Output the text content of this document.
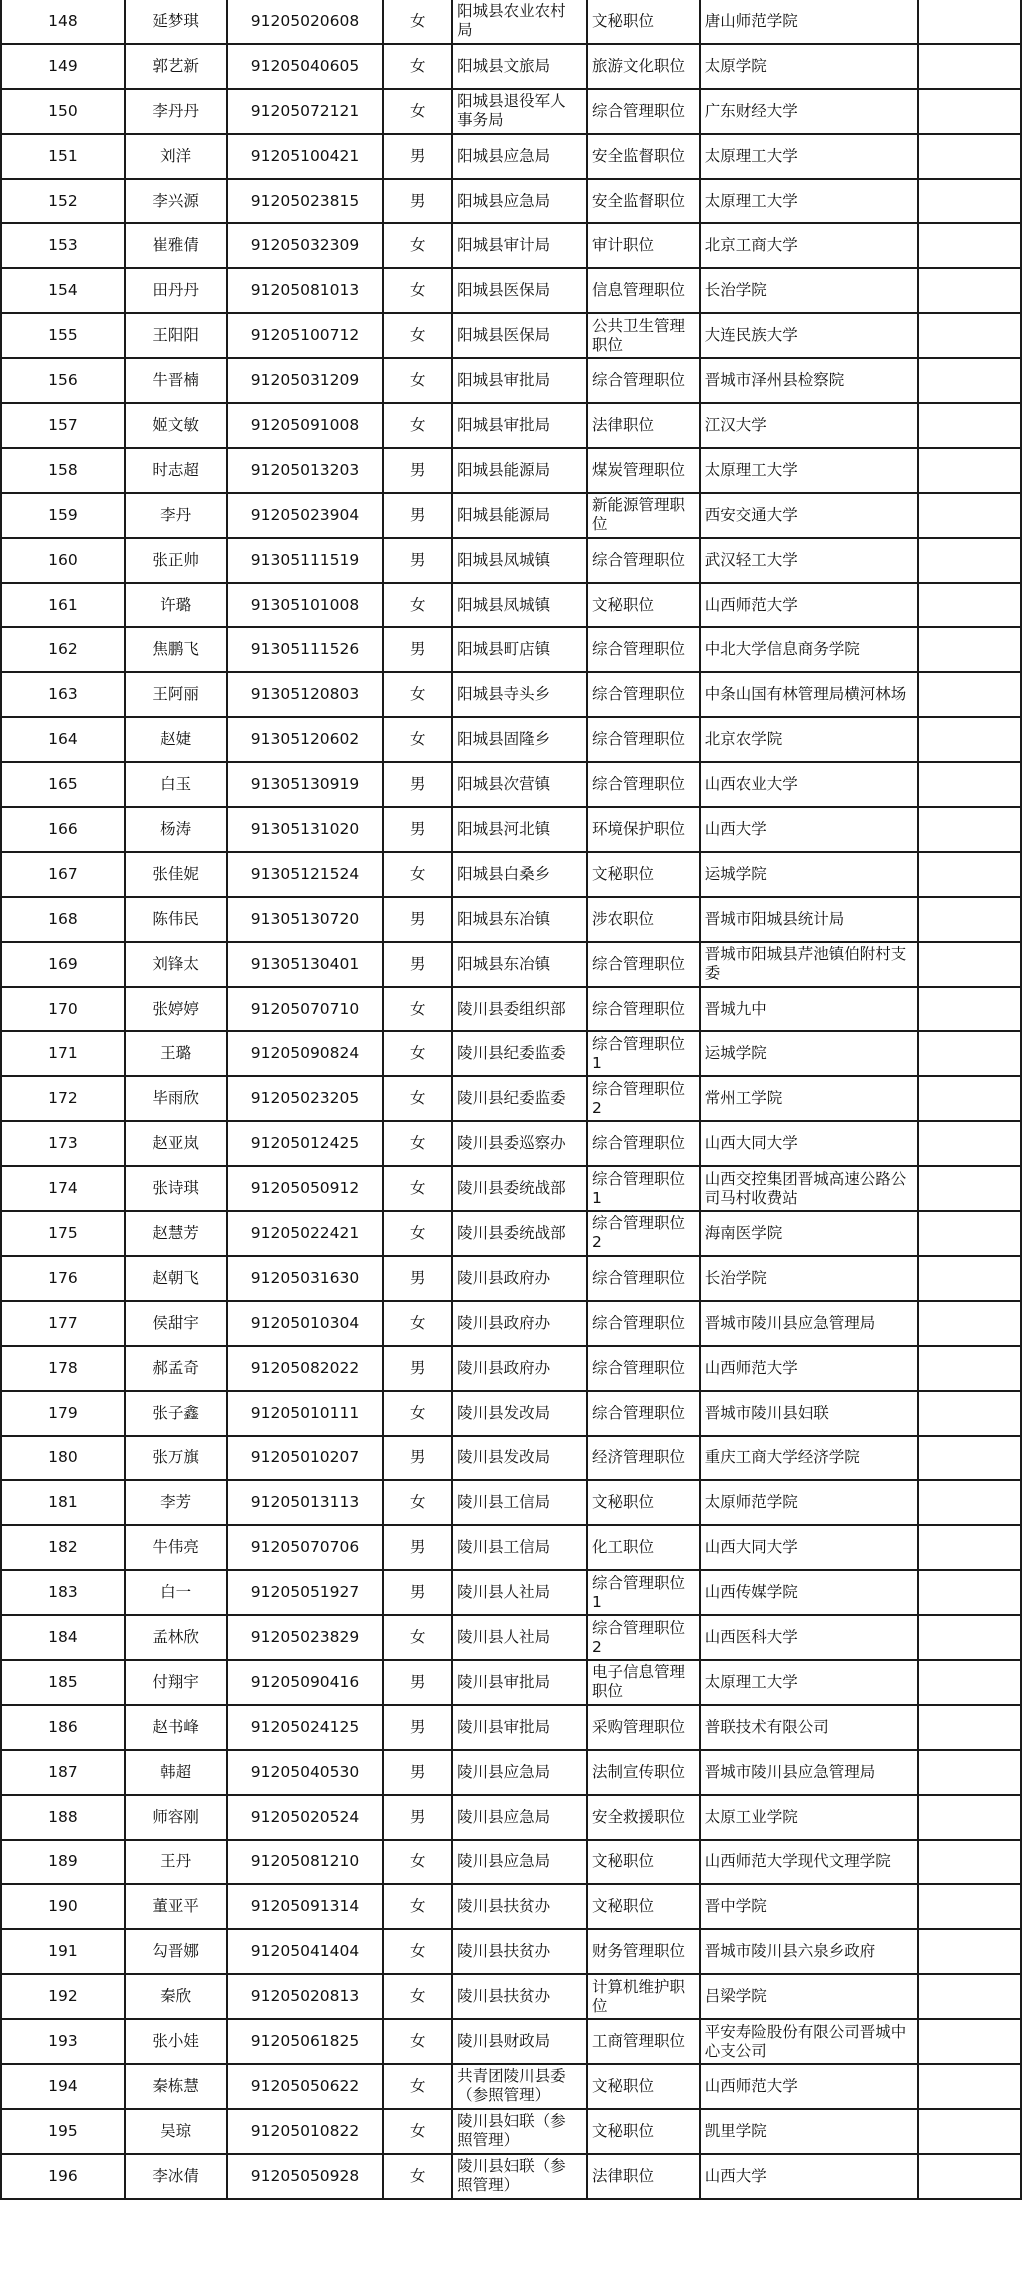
148	延梦琪	91205020608	女	阳城县农业农村局	文秘职位	唐山师范学院	
149	郭艺新	91205040605	女	阳城县文旅局	旅游文化职位	太原学院	
150	李丹丹	91205072121	女	阳城县退役军人事务局	综合管理职位	广东财经大学	
151	刘洋	91205100421	男	阳城县应急局	安全监督职位	太原理工大学	
152	李兴源	91205023815	男	阳城县应急局	安全监督职位	太原理工大学	
153	崔雅倩	91205032309	女	阳城县审计局	审计职位	北京工商大学	
154	田丹丹	91205081013	女	阳城县医保局	信息管理职位	长治学院	
155	王阳阳	91205100712	女	阳城县医保局	公共卫生管理职位	大连民族大学	
156	牛晋楠	91205031209	女	阳城县审批局	综合管理职位	晋城市泽州县检察院	
157	姬文敏	91205091008	女	阳城县审批局	法律职位	江汉大学	
158	时志超	91205013203	男	阳城县能源局	煤炭管理职位	太原理工大学	
159	李丹	91205023904	男	阳城县能源局	新能源管理职位	西安交通大学	
160	张正帅	91305111519	男	阳城县凤城镇	综合管理职位	武汉轻工大学	
161	许璐	91305101008	女	阳城县凤城镇	文秘职位	山西师范大学	
162	焦鹏飞	91305111526	男	阳城县町店镇	综合管理职位	中北大学信息商务学院	
163	王阿丽	91305120803	女	阳城县寺头乡	综合管理职位	中条山国有林管理局横河林场	
164	赵婕	91305120602	女	阳城县固隆乡	综合管理职位	北京农学院	
165	白玉	91305130919	男	阳城县次营镇	综合管理职位	山西农业大学	
166	杨涛	91305131020	男	阳城县河北镇	环境保护职位	山西大学	
167	张佳妮	91305121524	女	阳城县白桑乡	文秘职位	运城学院	
168	陈伟民	91305130720	男	阳城县东冶镇	涉农职位	晋城市阳城县统计局	
169	刘锋太	91305130401	男	阳城县东冶镇	综合管理职位	晋城市阳城县芹池镇伯附村支委	
170	张婷婷	91205070710	女	陵川县委组织部	综合管理职位	晋城九中	
171	王璐	91205090824	女	陵川县纪委监委	综合管理职位1	运城学院	
172	毕雨欣	91205023205	女	陵川县纪委监委	综合管理职位2	常州工学院	
173	赵亚岚	91205012425	女	陵川县委巡察办	综合管理职位	山西大同大学	
174	张诗琪	91205050912	女	陵川县委统战部	综合管理职位1	山西交控集团晋城高速公路公司马村收费站	
175	赵慧芳	91205022421	女	陵川县委统战部	综合管理职位2	海南医学院	
176	赵朝飞	91205031630	男	陵川县政府办	综合管理职位	长治学院	
177	侯甜宇	91205010304	女	陵川县政府办	综合管理职位	晋城市陵川县应急管理局	
178	郝孟奇	91205082022	男	陵川县政府办	综合管理职位	山西师范大学	
179	张子鑫	91205010111	女	陵川县发改局	综合管理职位	晋城市陵川县妇联	
180	张万旗	91205010207	男	陵川县发改局	经济管理职位	重庆工商大学经济学院	
181	李芳	91205013113	女	陵川县工信局	文秘职位	太原师范学院	
182	牛伟亮	91205070706	男	陵川县工信局	化工职位	山西大同大学	
183	白一	91205051927	男	陵川县人社局	综合管理职位1	山西传媒学院	
184	孟林欣	91205023829	女	陵川县人社局	综合管理职位2	山西医科大学	
185	付翔宇	91205090416	男	陵川县审批局	电子信息管理职位	太原理工大学	
186	赵书峰	91205024125	男	陵川县审批局	采购管理职位	普联技术有限公司	
187	韩超	91205040530	男	陵川县应急局	法制宣传职位	晋城市陵川县应急管理局	
188	师容刚	91205020524	男	陵川县应急局	安全救援职位	太原工业学院	
189	王丹	91205081210	女	陵川县应急局	文秘职位	山西师范大学现代文理学院	
190	董亚平	91205091314	女	陵川县扶贫办	文秘职位	晋中学院	
191	勾晋娜	91205041404	女	陵川县扶贫办	财务管理职位	晋城市陵川县六泉乡政府	
192	秦欣	91205020813	女	陵川县扶贫办	计算机维护职位	吕梁学院	
193	张小娃	91205061825	女	陵川县财政局	工商管理职位	平安寿险股份有限公司晋城中心支公司	
194	秦栋慧	91205050622	女	共青团陵川县委（参照管理）	文秘职位	山西师范大学	
195	吴琼	91205010822	女	陵川县妇联（参照管理）	文秘职位	凯里学院	
196	李冰倩	91205050928	女	陵川县妇联（参照管理）	法律职位	山西大学	
